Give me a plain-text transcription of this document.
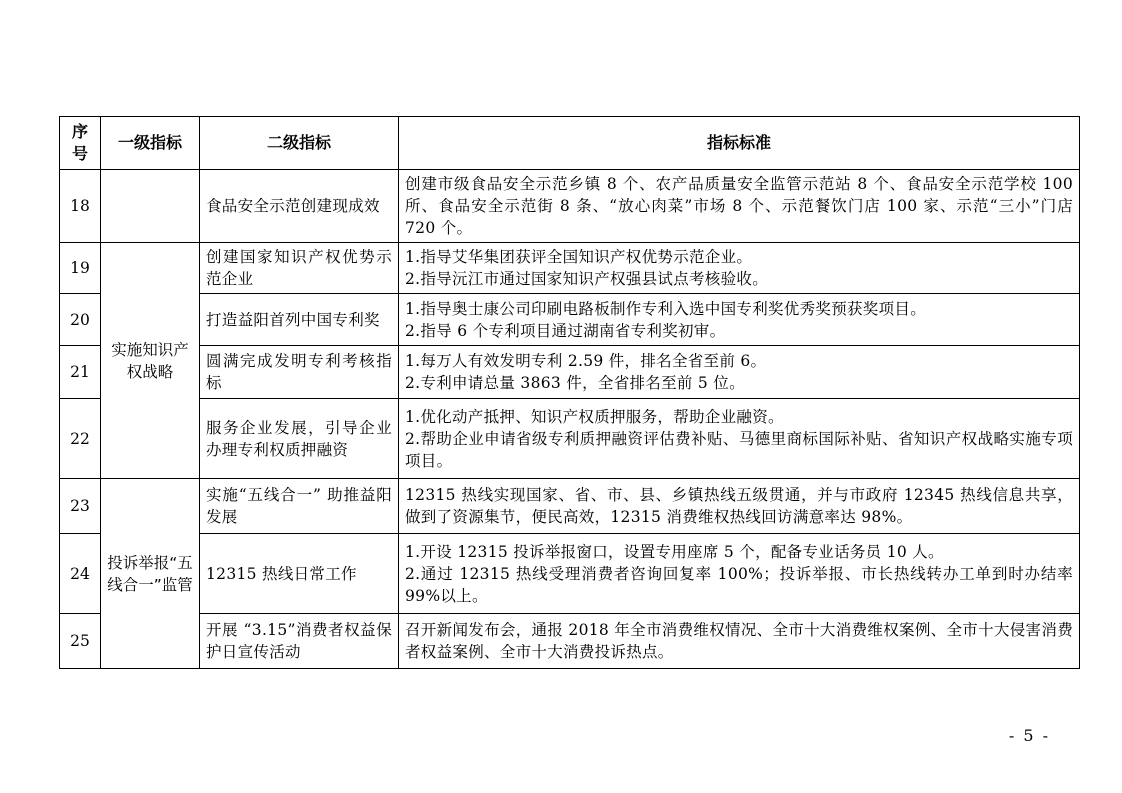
序号	一级指标	二级指标	指标标准
18		食品安全示范创建现成效	创建市级食品安全示范乡镇 8 个、农产品质量安全监管示范站 8 个、食品安全示范学校 100 所、食品安全示范街 8 条、“放心肉菜”市场 8 个、示范餐饮门店 100 家、示范“三小”门店 720 个。

19	实施知识产权战略	创建国家知识产权优势示范企业	1.指导艾华集团获评全国知识产权优势示范企业。
2.指导沅江市通过国家知识产权强县试点考核验收。

20		打造益阳首列中国专利奖	1.指导奥士康公司印刷电路板制作专利入选中国专利奖优秀奖预获奖项目。
2.指导 6 个专利项目通过湖南省专利奖初审。

21		圆满完成发明专利考核指标	1.每万人有效发明专利 2.59 件，排名全省至前 6。
2.专利申请总量 3863 件，全省排名至前 5 位。

22		服务企业发展，引导企业办理专利权质押融资	1.优化动产抵押、知识产权质押服务，帮助企业融资。
2.帮助企业申请省级专利质押融资评估费补贴、马德里商标国际补贴、省知识产权战略实施专项项目。

23	投诉举报“五线合一”监管	实施“五线合一” 助推益阳发展	12315 热线实现国家、省、市、县、乡镇热线五级贯通，并与市政府 12345 热线信息共享，做到了资源集节，便民高效，12315 消费维权热线回访满意率达 98%。

24		12315 热线日常工作	1.开设 12315 投诉举报窗口，设置专用座席 5 个，配备专业话务员 10 人。
2.通过 12315 热线受理消费者咨询回复率 100%；投诉举报、市长热线转办工单到时办结率 99%以上。

25		开展 “3.15”消费者权益保护日宣传活动	召开新闻发布会，通报 2018 年全市消费维权情况、全市十大消费维权案例、全市十大侵害消费者权益案例、全市十大消费投诉热点。
- 5 -
